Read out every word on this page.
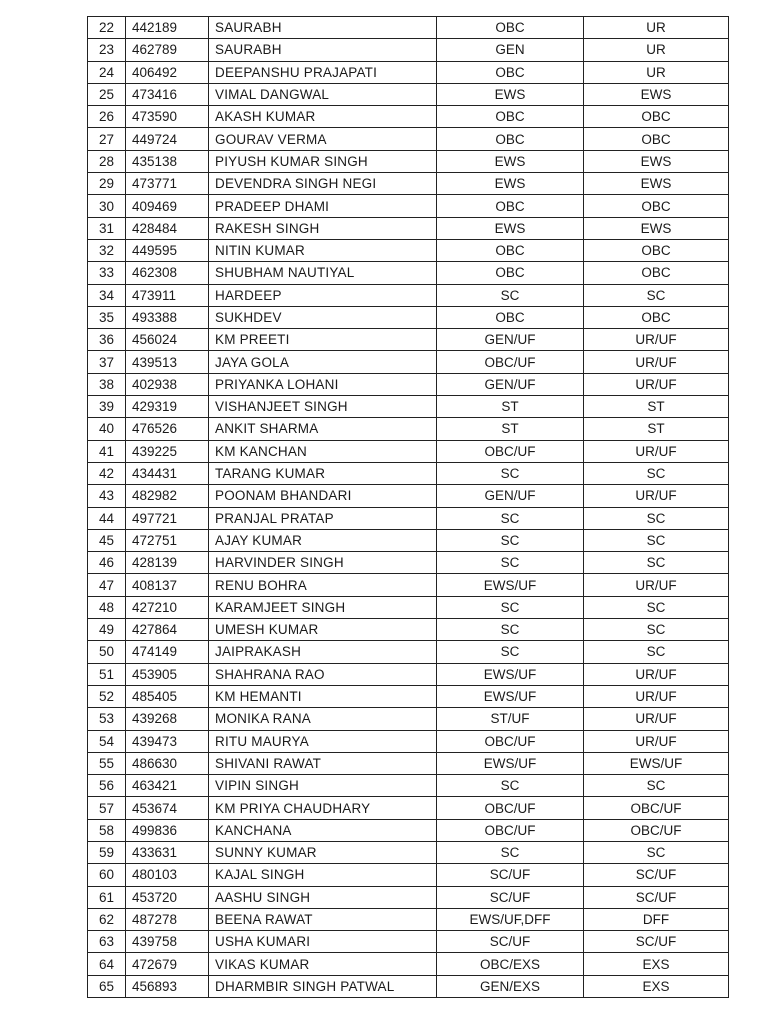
22	442189	SAURABH	OBC	UR
23	462789	SAURABH	GEN	UR
24	406492	DEEPANSHU PRAJAPATI	OBC	UR
25	473416	VIMAL DANGWAL	EWS	EWS
26	473590	AKASH KUMAR	OBC	OBC
27	449724	GOURAV VERMA	OBC	OBC
28	435138	PIYUSH KUMAR SINGH	EWS	EWS
29	473771	DEVENDRA SINGH NEGI	EWS	EWS
30	409469	PRADEEP DHAMI	OBC	OBC
31	428484	RAKESH SINGH	EWS	EWS
32	449595	NITIN KUMAR	OBC	OBC
33	462308	SHUBHAM NAUTIYAL	OBC	OBC
34	473911	HARDEEP	SC	SC
35	493388	SUKHDEV	OBC	OBC
36	456024	KM PREETI	GEN/UF	UR/UF
37	439513	JAYA GOLA	OBC/UF	UR/UF
38	402938	PRIYANKA LOHANI	GEN/UF	UR/UF
39	429319	VISHANJEET SINGH	ST	ST
40	476526	ANKIT SHARMA	ST	ST
41	439225	KM KANCHAN	OBC/UF	UR/UF
42	434431	TARANG KUMAR	SC	SC
43	482982	POONAM BHANDARI	GEN/UF	UR/UF
44	497721	PRANJAL PRATAP	SC	SC
45	472751	AJAY KUMAR	SC	SC
46	428139	HARVINDER SINGH	SC	SC
47	408137	RENU BOHRA	EWS/UF	UR/UF
48	427210	KARAMJEET SINGH	SC	SC
49	427864	UMESH KUMAR	SC	SC
50	474149	JAIPRAKASH	SC	SC
51	453905	SHAHRANA RAO	EWS/UF	UR/UF
52	485405	KM HEMANTI	EWS/UF	UR/UF
53	439268	MONIKA RANA	ST/UF	UR/UF
54	439473	RITU MAURYA	OBC/UF	UR/UF
55	486630	SHIVANI RAWAT	EWS/UF	EWS/UF
56	463421	VIPIN SINGH	SC	SC
57	453674	KM PRIYA CHAUDHARY	OBC/UF	OBC/UF
58	499836	KANCHANA	OBC/UF	OBC/UF
59	433631	SUNNY KUMAR	SC	SC
60	480103	KAJAL SINGH	SC/UF	SC/UF
61	453720	AASHU SINGH	SC/UF	SC/UF
62	487278	BEENA RAWAT	EWS/UF,DFF	DFF
63	439758	USHA KUMARI	SC/UF	SC/UF
64	472679	VIKAS KUMAR	OBC/EXS	EXS
65	456893	DHARMBIR SINGH PATWAL	GEN/EXS	EXS
